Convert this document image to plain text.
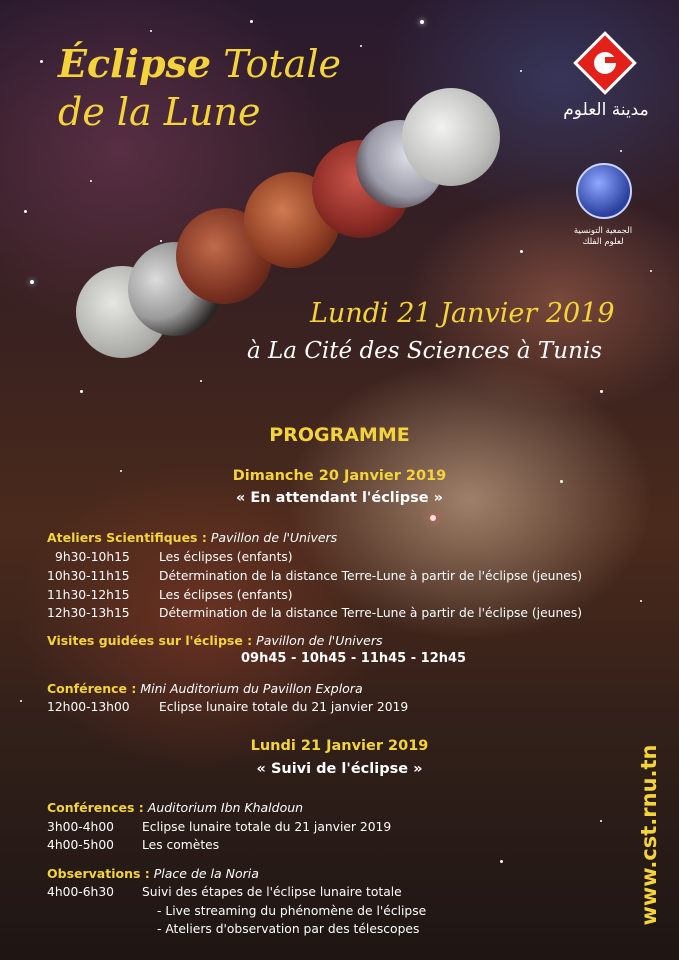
Éclipse Totale
de la Lune	مدينة العلوم
الجمعية التونسية
لعلوم الفلك
Lundi 21 Janvier 2019
à La Cité des Sciences à Tunis
PROGRAMME
Dimanche 20 Janvier 2019
« En attendant l'éclipse »
Ateliers Scientifiques : Pavillon de l'Univers
9h30-10h15 Les éclipses (enfants)
10h30-11h15 Détermination de la distance Terre-Lune à partir de l'éclipse (jeunes)
11h30-12h15 Les éclipses (enfants)
12h30-13h15 Détermination de la distance Terre-Lune à partir de l'éclipse (jeunes)
Visites guidées sur l'éclipse : Pavillon de l'Univers
09h45 - 10h45 - 11h45 - 12h45
Conférence : Mini Auditorium du Pavillon Explora
12h00-13h00 Eclipse lunaire totale du 21 janvier 2019
Lundi 21 Janvier 2019
« Suivi de l'éclipse »
Conférences : Auditorium Ibn Khaldoun
3h00-4h00 Eclipse lunaire totale du 21 janvier 2019
4h00-5h00 Les comètes
Observations : Place de la Noria
4h00-6h30 Suivi des étapes de l'éclipse lunaire totale
- Live streaming du phénomène de l'éclipse
- Ateliers d'observation par des télescopes
www.cst.rnu.tn
